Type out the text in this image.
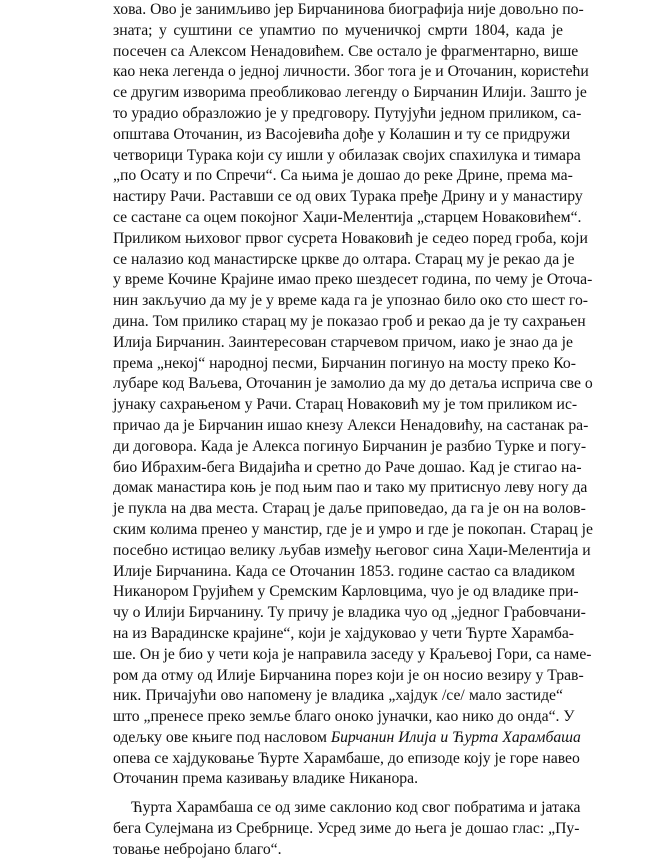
хова. Ово је занимљиво јер Бирчанинова биографија није довољно по-
зната; у суштини се упамтио по мученичкој смрти 1804, када је
посечен са Алексом Ненадовићем. Све остало је фрагментарно, више
као нека легенда о једној личности. Због тога је и Оточанин, користећи
се другим изворима преобликовао легенду о Бирчанин Илији. Зашто је
то урадио образложио је у предговору. Путујући једном приликом, са-
општава Оточанин, из Васојевића дође у Колашин и ту се придружи
четворици Турака који су ишли у обилазак својих спахилука и тимара
„по Осату и по Спречи“. Са њима је дошао до реке Дрине, према ма-
настиру Рачи. Раставши се од ових Турака пређе Дрину и у манастиру
се састане са оцем покојног Хаџи-Мелентија „старцем Новаковићем“.
Приликом њиховог првог сусрета Новаковић је седео поред гроба, који
се налазио код манастирске цркве до олтара. Старац му је рекао да је
у време Кочине Крајине имао преко шездесет година, по чему је Оточа-
нин закључио да му је у време када га је упознао било око сто шест го-
дина. Том прилико старац му је показао гроб и рекао да је ту сахрањен
Илија Бирчанин. Заинтересован старчевом причом, иако је знао да је
према „некој“ народној песми, Бирчанин погинуо на мосту преко Ко-
лубаре код Ваљева, Оточанин је замолио да му до детаља исприча све о
јунаку сахрањеном у Рачи. Старац Новаковић му је том приликом ис-
причао да је Бирчанин ишао кнезу Алекси Ненадовићу, на састанак ра-
ди договора. Када је Алекса погинуо Бирчанин је разбио Турке и погу-
био Ибрахим-бега Видајића и сретно до Раче дошао. Кад је стигао на-
домак манастира коњ је под њим пао и тако му притиснуо леву ногу да
је пукла на два места. Старац је даље приповедао, да га је он на волов-
ским колима пренео у манстир, где је и умро и где је покопан. Старац је
посебно истицао велику љубав између његовог сина Хаџи-Мелентија и
Илије Бирчанина. Када се Оточанин 1853. године састао са владиком
Никанором Грујићем у Сремским Карловцима, чуо је од владике при-
чу о Илији Бирчанину. Ту причу је владика чуо од „једног Грабовчани-
на из Варадинске крајине“, који је хајдуковао у чети Ћурте Харамба-
ше. Он је био у чети која је направила заседу у Краљевој Гори, са наме-
ром да отму од Илије Бирчанина порез који је он носио везиру у Трав-
ник. Причајући ово напомену је владика „хајдук /се/ мало застиде“
што „пренесе преко земље благо оноко јуначки, као нико до онда“. У
одељку ове књиге под насловом Бирчанин Илија и Ћурта Харамбаша
опева се хајдуковање Ћурте Харамбаше, до епизоде коју је горе навео
Оточанин према казивању владике Никанора.
Ћурта Харамбаша се од зиме саклонио код свог побратима и јатака
бега Сулејмана из Сребрнице. Усред зиме до њега је дошао глас: „Пу-
товање небројано благо“.
